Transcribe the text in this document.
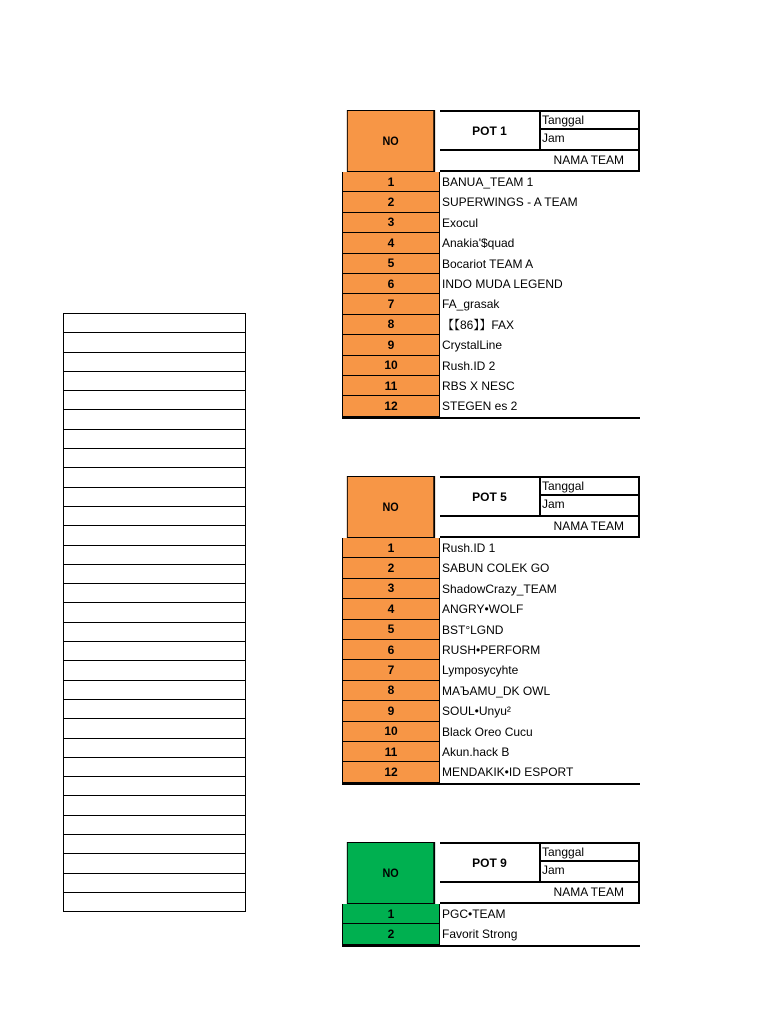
NO
POT 1
Tanggal
Jam
NAMA TEAM
1	BANUA_TEAM 1
2	SUPERWINGS - A TEAM
3	Exocul
4	Anakia'$quad
5	Bocariot TEAM A
6	INDO MUDA LEGEND
7	FA_grasak
8	【【86】】FAX
9	CrystalLine
10	Rush.ID 2
11	RBS X NESC
12	STEGEN es 2
NO
POT 5
Tanggal
Jam
NAMA TEAM
1	Rush.ID 1
2	SABUN COLEK GO
3	ShadowCrazy_TEAM
4	ANGRY•WOLF
5	BST°LGND
6	RUSH•PERFORM
7	Lymposycyhte
8	MAЪAMU_DK OWL
9	SOUL•Unyu²
10	Black Oreo Cucu
11	Akun.hack B
12	MENDAKIK•ID ESPORT
NO
POT 9
Tanggal
Jam
NAMA TEAM
1	PGC•TEAM
2	Favorit Strong
